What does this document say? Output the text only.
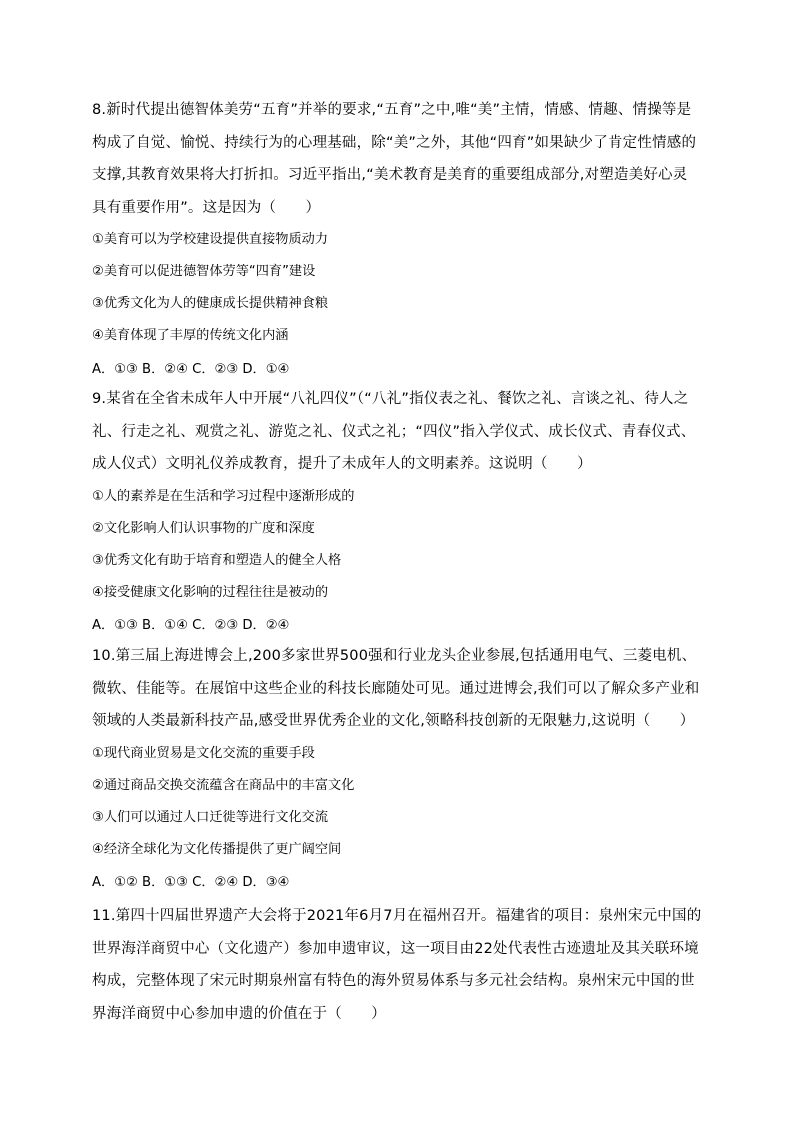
8.新时代提出德智体美劳“五育”并举的要求,“五育”之中,唯“美”主情，情感、情趣、情操等是构成了自觉、愉悦、持续行为的心理基础，除“美”之外，其他“四育”如果缺少了肯定性情感的支撑,其教育效果将大打折扣。习近平指出,“美术教育是美育的重要组成部分,对塑造美好心灵具有重要作用”。这是因为（　　）

①美育可以为学校建设提供直接物质动力

②美育可以促进德智体劳等“四育”建设

③优秀文化为人的健康成长提供精神食粮

④美育体现了丰厚的传统文化内涵

A．①③ B．②④ C．②③ D．①④

9.某省在全省未成年人中开展“八礼四仪”（“八礼”指仪表之礼、餐饮之礼、言谈之礼、待人之礼、行走之礼、观赏之礼、游览之礼、仪式之礼；“四仪”指入学仪式、成长仪式、青春仪式、成人仪式）文明礼仪养成教育，提升了未成年人的文明素养。这说明（　　）

①人的素养是在生活和学习过程中逐渐形成的

②文化影响人们认识事物的广度和深度

③优秀文化有助于培育和塑造人的健全人格

④接受健康文化影响的过程往往是被动的

A．①③ B．①④ C．②③ D．②④

10.第三届上海进博会上,200多家世界500强和行业龙头企业参展,包括通用电气、三菱电机、微软、佳能等。在展馆中这些企业的科技长廊随处可见。通过进博会,我们可以了解众多产业和领域的人类最新科技产品,感受世界优秀企业的文化,领略科技创新的无限魅力,这说明（　　）

①现代商业贸易是文化交流的重要手段

②通过商品交换交流蕴含在商品中的丰富文化

③人们可以通过人口迁徙等进行文化交流

④经济全球化为文化传播提供了更广阔空间

A．①② B．①③ C．②④ D．③④

11.第四十四届世界遗产大会将于2021年6月7月在福州召开。福建省的项目：泉州宋元中国的世界海洋商贸中心（文化遗产）参加申遗审议，这一项目由22处代表性古迹遗址及其关联环境构成，完整体现了宋元时期泉州富有特色的海外贸易体系与多元社会结构。泉州宋元中国的世界海洋商贸中心参加申遗的价值在于（　　）
